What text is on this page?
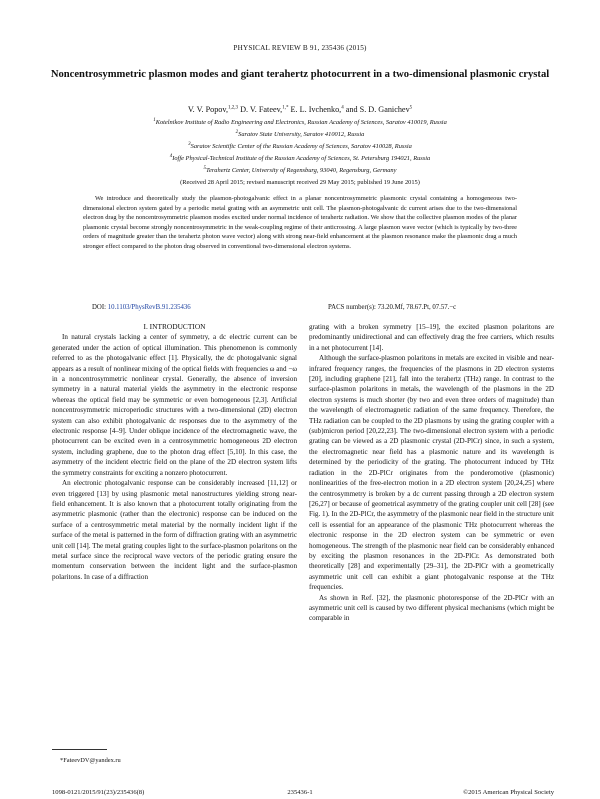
PHYSICAL REVIEW B 91, 235436 (2015)
Noncentrosymmetric plasmon modes and giant terahertz photocurrent in a two-dimensional plasmonic crystal
V. V. Popov,$^{1,2,3}$ D. V. Fateev,$^{1,*}$ E. L. Ivchenko,$^4$ and S. D. Ganichev$^5$
$^1$Kotelnikov Institute of Radio Engineering and Electronics, Russian Academy of Sciences, Saratov 410019, Russia
$^2$Saratov State University, Saratov 410012, Russia
$^3$Saratov Scientific Center of the Russian Academy of Sciences, Saratov 410028, Russia
$^4$Ioffe Physical-Technical Institute of the Russian Academy of Sciences, St. Petersburg 194021, Russia
$^5$Terahertz Center, University of Regensburg, 93040, Regensburg, Germany
(Received 28 April 2015; revised manuscript received 29 May 2015; published 19 June 2015)
We introduce and theoretically study the plasmon-photogalvanic effect in a planar noncentrosymmetric plasmonic crystal containing a homogeneous two-dimensional electron system gated by a periodic metal grating with an asymmetric unit cell. The plasmon-photogalvanic dc current arises due to the two-dimensional electron drag by the noncentrosymmetric plasmon modes excited under normal incidence of terahertz radiation. We show that the collective plasmon modes of the planar plasmonic crystal become strongly noncentrosymmetric in the weak-coupling regime of their anticrossing. A large plasmon wave vector (which is typically by two-three orders of magnitude greater than the terahertz photon wave vector) along with strong near-field enhancement at the plasmon resonance make the plasmonic drag a much stronger effect compared to the photon drag observed in conventional two-dimensional electron systems.
DOI: 10.1103/PhysRevB.91.235436	PACS number(s): 73.20.Mf, 78.67.Pt, 07.57.−c

I. INTRODUCTION

In natural crystals lacking a center of symmetry, a dc electric current can be generated under the action of optical illumination. This phenomenon is commonly referred to as the photogalvanic effect [1]. Physically, the dc photogalvanic signal appears as a result of nonlinear mixing of the optical fields with frequencies ω and −ω in a noncentrosymmetric nonlinear crystal. Generally, the absence of inversion symmetry in a natural material yields the asymmetry in the electronic response whereas the optical field may be symmetric or even homogeneous [2,3]. Artificial noncentrosymmetric microperiodic structures with a two-dimensional (2D) electron system can also exhibit photogalvanic dc responses due to the asymmetry of the electronic response [4–9]. Under oblique incidence of the electromagnetic wave, the photocurrent can be excited even in a centrosymmetric homogeneous 2D electron system, including graphene, due to the photon drag effect [5,10]. In this case, the asymmetry of the incident electric field on the plane of the 2D electron system lifts the symmetry constraints for exciting a nonzero photocurrent.

An electronic photogalvanic response can be considerably increased [11,12] or even triggered [13] by using plasmonic metal nanostructures yielding strong near-field enhancement. It is also known that a photocurrent totally originating from the asymmetric plasmonic (rather than the electronic) response can be induced on the surface of a centrosymmetric metal material by the normally incident light if the surface of the metal is patterned in the form of diffraction grating with an asymmetric unit cell [14]. The metal grating couples light to the surface-plasmon polaritons on the metal surface since the reciprocal wave vectors of the periodic grating ensure the momentum conservation between the incident light and the surface-plasmon polaritons. In case of a diffraction

grating with a broken symmetry [15–19], the excited plasmon polaritons are predominantly unidirectional and can effectively drag the free carriers, which results in a net photocurrent [14].

Although the surface-plasmon polaritons in metals are excited in visible and near-infrared frequency ranges, the frequencies of the plasmons in 2D electron systems [20], including graphene [21], fall into the terahertz (THz) range. In contrast to the surface-plasmon polaritons in metals, the wavelength of the plasmons in the 2D electron systems is much shorter (by two and even three orders of magnitude) than the wavelength of electromagnetic radiation of the same frequency. Therefore, the THz radiation can be coupled to the 2D plasmons by using the grating coupler with a (sub)micron period [20,22,23]. The two-dimensional electron system with a periodic grating can be viewed as a 2D plasmonic crystal (2D-PlCr) since, in such a system, the electromagnetic near field has a plasmonic nature and its wavelength is determined by the periodicity of the grating. The photocurrent induced by THz radiation in the 2D-PlCr originates from the ponderomotive (plasmonic) nonlinearities of the free-electron motion in a 2D electron system [20,24,25] where the centrosymmetry is broken by a dc current passing through a 2D electron system [26,27] or because of geometrical asymmetry of the grating coupler unit cell [28] (see Fig. 1). In the 2D-PlCr, the asymmetry of the plasmonic near field in the structure unit cell is essential for an appearance of the plasmonic THz photocurrent whereas the electronic response in the 2D electron system can be symmetric or even homogeneous. The strength of the plasmonic near field can be considerably enhanced by exciting the plasmon resonances in the 2D-PlCr. As demonstrated both theoretically [28] and experimentally [29–31], the 2D-PlCr with a geometrically asymmetric unit cell can exhibit a giant photogalvanic response at the THz frequencies.

As shown in Ref. [32], the plasmonic photoresponse of the 2D-PlCr with an asymmetric unit cell is caused by two different physical mechanisms (which might be comparable in

*FateevDV@yandex.ru
1098-0121/2015/91(23)/235436(8)	235436-1	©2015 American Physical Society
